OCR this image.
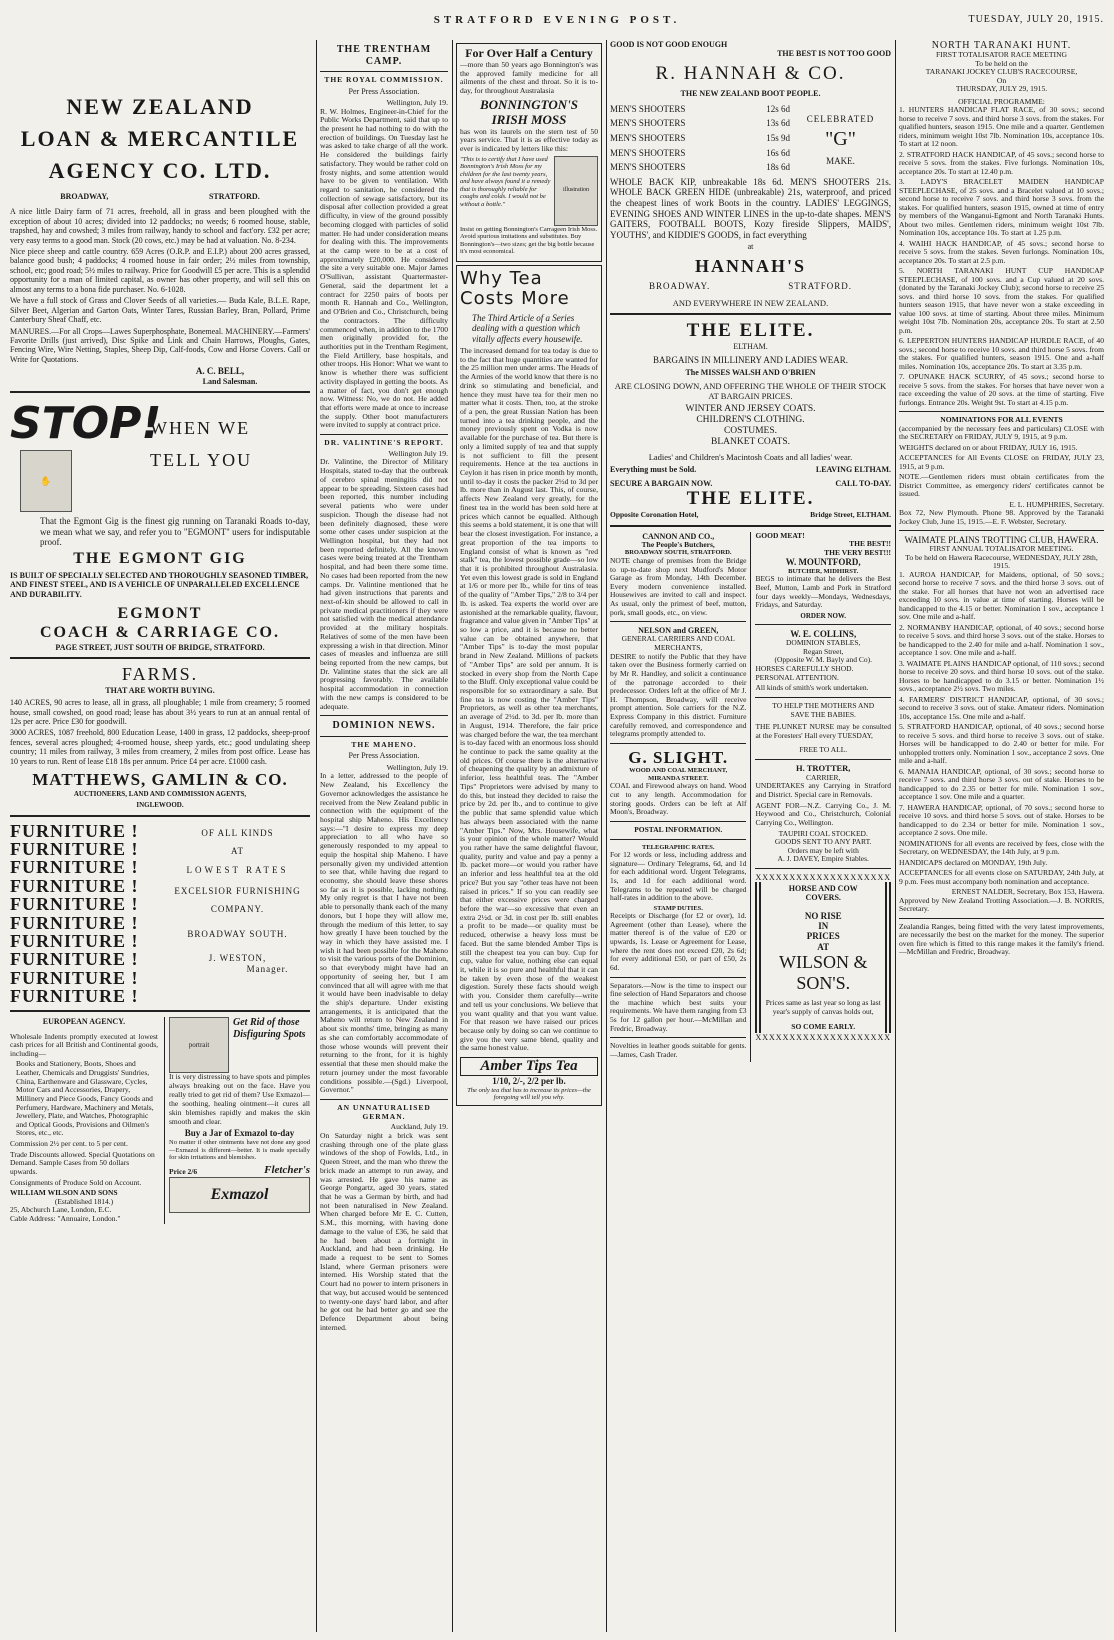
STRATFORD EVENING POST.	TUESDAY, JULY 20, 1915.
NEW ZEALAND
LOAN & MERCANTILE
AGENCY CO. LTD.
BROADWAY,	STRATFORD.

A nice little Dairy farm of 71 acres, freehold, all in grass and been ploughed with the exception of about 10 acres; divided into 12 paddocks; no weeds; 6 roomed house, stable, trapshed, hay and cowshed; 3 miles from railway, handy to school and fact'ory. £32 per acre; very easy terms to a good man. Stock (20 cows, etc.) may be had at valuation. No. 8-234.

Nice piece sheep and cattle country. 659 Acres (O.R.P. and E.I.P.) about 200 acres grassed, balance good bush; 4 paddocks; 4 roomed house in fair order; 2½ miles from township, school, etc; good road; 5½ miles to railway. Price for Goodwill £5 per acre. This is a splendid opportunity for a man of limited capital, as owner has other property, and will sell this on almost any terms to a bona fide purchaser. No. 6-1028.

We have a full stock of Grass and Clover Seeds of all varieties.— Buda Kale, B.L.E. Rape, Silver Beet, Algerian and Garton Oats, Winter Tares, Russian Barley, Bran, Pollard, Prime Canterbury Sheaf Chaff, etc.

MANURES.—For all Crops—Lawes Superphosphate, Bonemeal. MACHINERY.—Farmers' Favorite Drills (just arrived), Disc Spike and Link and Chain Harrows, Ploughs, Gates, Fencing Wire, Wire Netting, Staples, Sheep Dip, Calf-foods, Cow and Horse Covers. Call or Write for Quotations.

A. C. BELL,
Land Salesman.
STOP!
✋
WHEN WE
TELL YOU

That the Egmont Gig is the finest gig running on Taranaki Roads to-day, we mean what we say, and refer you to "EGMONT" users for indisputable proof.

THE EGMONT GIG

IS BUILT OF SPECIALLY SELECTED AND THOROUGHLY SEASONED TIMBER, AND FINEST STEEL, AND IS A VEHICLE OF UNPARALLELED EXCELLENCE AND DURABILITY.

EGMONT
COACH & CARRIAGE CO.
PAGE STREET, JUST SOUTH OF BRIDGE, STRATFORD.
FARMS.
THAT ARE WORTH BUYING.

140 ACRES, 90 acres to lease, all in grass, all ploughable; 1 mile from creamery; 5 roomed house, small cowshed, on good road; lease has about 3½ years to run at an annual rental of 12s per acre. Price £30 for goodwill.

3000 ACRES, 1087 freehold, 800 Education Lease, 1400 in grass, 12 paddocks, sheep-proof fences, several acres ploughed; 4-roomed house, sheep yards, etc.; good undulating sheep country; 11 miles from railway, 3 miles from creamery, 2 miles from post office. Lease has 10 years to run. Rent of lease £18 18s per annum. Price £4 per acre. £1000 cash.

MATTHEWS, GAMLIN & CO.
AUCTIONEERS, LAND AND COMMISSION AGENTS,
INGLEWOOD.
FURNITURE !
FURNITURE !
FURNITURE !
FURNITURE !
FURNITURE !
FURNITURE !
FURNITURE !
FURNITURE !
FURNITURE !
FURNITURE !
OF ALL KINDS
AT
LOWEST RATES
EXCELSIOR FURNISHING
COMPANY.
BROADWAY SOUTH.
J. WESTON,
Manager.
EUROPEAN AGENCY.

Wholesale Indents promptly executed at lowest cash prices for all British and Continental goods, including—

Books and Stationery, Boots, Shoes and Leather, Chemicals and Druggists' Sundries, China, Earthenware and Glassware, Cycles, Motor Cars and Accessories, Drapery, Millinery and Piece Goods, Fancy Goods and Perfumery, Hardware, Machinery and Metals, Jewellery, Plate, and Watches, Photographic and Optical Goods, Provisions and Oilmen's Stores, etc., etc.

Commission 2½ per cent. to 5 per cent.

Trade Discounts allowed. Special Quotations on Demand. Sample Cases from 50 dollars upwards.

Consignments of Produce Sold on Account.

WILLIAM WILSON AND SONS
(Established 1814.)
25, Abchurch Lane, London, E.C.
Cable Address: "Annuaire, London."
portrait
Get Rid of those
Disfiguring Spots

It is very distressing to have spots and pimples always breaking out on the face. Have you really tried to get rid of them? Use Exmazol—the soothing, healing ointment—it cures all skin blemishes rapidly and makes the skin smooth and clear.

Buy a Jar of Exmazol to-day

No matter if other ointments have not done any good—Exmazol is different—better. It is made specially for skin irritations and blemishes.

Price 2/6	Fletcher's
Exmazol
THE TRENTHAM CAMP.
THE ROYAL COMMISSION.
Per Press Association.
Wellington, July 19.

R. W. Holmes, Engineer-in-Chief for the Public Works Department, said that up to the present he had nothing to do with the erection of buildings. On Tuesday last he was asked to take charge of all the work. He considered the buildings fairly satisfactory. They would be rather cold on frosty nights, and some attention would have to be given to ventilation. With regard to sanitation, he considered the collection of sewage satisfactory, but its disposal after collection provided a great difficulty, in view of the ground possibly becoming clogged with particles of solid matter. He had under consideration means for dealing with this. The improvements at the camp were to be at a cost of approximately £20,000. He considered the site a very suitable one. Major James O'Sullivan, assistant Quartermaster-General, said the department let a contract for 2250 pairs of boots per month R. Hannah and Co., Wellington, and O'Brien and Co., Christchurch, being the contractors. The difficulty commenced when, in addition to the 1700 men originally provided for, the authorities put in the Trentham Regiment, the Field Artillery, base hospitals, and other troops. His Honor: What we want to know is whether there was sufficient activity displayed in getting the boots. As a matter of fact, you don't get enough now. Witness: No, we do not. He added that efforts were made at once to increase the supply. Other boot manufacturers were invited to supply at contract price.

DR. VALINTINE'S REPORT.
Wellington July 19.

Dr. Valintine, the Director of Military Hospitals, stated to-day that the outbreak of cerebro spinal meningitis did not appear to be spreading. Sixteen cases had been reported, this number including several patients who were under suspicion. Though the disease had not been definitely diagnosed, these were some other cases under suspicion at the Wellington hospital, but they had not been reported definitely. All the known cases were being treated at the Trentham hospital, and had been there some time. No cases had been reported from the new camps. Dr. Valintine mentioned that he had given instructions that parents and next-of-kin should be allowed to call in private medical practitioners if they were not satisfied with the medical attendance provided at the military hospitals. Relatives of some of the men have been expressing a wish in that direction. Minor cases of measles and influenza are still being reported from the new camps, but Dr. Valintine states that the sick are all progressing favorably. The available hospital accommodation in connection with the new camps is considered to be adequate.

DOMINION NEWS.
THE MAHENO.
Per Press Association.
Wellington, July 19.

In a letter, addressed to the people of New Zealand, his Excellency the Governor acknowledges the assistance he received from the New Zealand public in connection with the equipment of the hospital ship Maheno. His Excellency says:—"I desire to express my deep appreciation to all who have so generously responded to my appeal to equip the hospital ship Maheno. I have personally given my undivided attention to see that, while having due regard to economy, she should leave these shores so far as it is possible, lacking nothing. My only regret is that I have not been able to personally thank each of the many donors, but I hope they will allow me, through the medium of this letter, to say how greatly I have been touched by the way in which they have assisted me. I wish it had been possible for the Maheno to visit the various ports of the Dominion, so that everybody might have had an opportunity of seeing her, but I am convinced that all will agree with me that it would have been inadvisable to delay the ship's departure. Under existing arrangements, it is anticipated that the Maheno will return to New Zealand in about six months' time, bringing as many as she can comfortably accommodate of those whose wounds will prevent their returning to the front, for it is highly essential that these men should make the return journey under the most favorable conditions possible.—(Sgd.) Liverpool, Governor."

AN UNNATURALISED GERMAN.
Auckland, July 19.

On Saturday night a brick was sent crashing through one of the plate glass windows of the shop of Fowlds, Ltd., in Queen Street, and the man who threw the brick made an attempt to run away, and was arrested. He gave his name as George Pongartz, aged 30 years, stated that he was a German by birth, and had not been naturalised in New Zealand. When charged before Mr E. C. Cutten, S.M., this morning, with having done damage to the value of £36, he said that he had been about a fortnight in Auckland, and had been drinking. He made a request to be sent to Somes Island, where German prisoners were interned. His Worship stated that the Court had no power to intern prisoners in that way, but accused would be sentenced to twenty-one days' hard labor, and after he got out he had better go and see the Defence Department about being interned.

For Over Half a Century

—more than 50 years ago Bonnington's was the approved family medicine for all ailments of the chest and throat. So it is to-day, for throughout Australasia

BONNINGTON'S
IRISH MOSS

has won its laurels on the stern test of 50 years service. That it is as effective today as ever is indicated by letters like this:

"This is to certify that I have used Bonnington's Irish Moss for my children for the last twenty years, and have always found it a remedy that is thoroughly reliable for coughs and colds. I would not be without a bottle."

illustration

Insist on getting Bonnington's Carrageen Irish Moss. Avoid spurious imitations and substitutes. Buy Bonnington's—two sizes; get the big bottle because it's most economical.

Why Tea
Costs More

The Third Article of a Series dealing with a question which vitally affects every housewife.

The increased demand for tea today is due to to the fact that huge quantities are wanted for the 25 million men under arms. The Heads of the Armies of the world know that there is no drink so stimulating and beneficial, and hence they must have tea for their men no matter what it costs. Then, too, at the stroke of a pen, the great Russian Nation has been turned into a tea drinking people, and the money previously spent on Vodka is now available for the purchase of tea. But there is only a limited supply of tea and that supply is not sufficient to fill the present requirements. Hence at the tea auctions in Ceylon it has risen in price month by month, until to-day it costs the packer 2½d to 3d per lb. more than in August last. This, of course, affects New Zealand very greatly, for the finest tea in the world has been sold here at prices which cannot be equalled. Although this seems a bold statement, it is one that will bear the closest investigation. For instance, a great proportion of the tea imports to England consist of what is known as "red stalk" tea, the lowest possible grade—so low that it is prohibited throughout Australasia. Yet even this lowest grade is sold in England at 1/6 or more per lb., while for tins of teas of the quality of "Amber Tips," 2/8 to 3/4 per lb. is asked. Tea experts the world over are astonished at the remarkable quality, flavour, fragrance and value given in "Amber Tips" at so low a price, and it is because no better value can be obtained anywhere, that "Amber Tips" is to-day the most popular brand in New Zealand. Millions of packets of "Amber Tips" are sold per annum. It is stocked in every shop from the North Cape to the Bluff. Only exceptional value could be responsible for so extraordinary a sale. But fine tea is now costing the "Amber Tips" Proprietors, as well as other tea merchants, an average of 2½d. to 3d. per lb. more than in August, 1914. Therefore, the fair price was charged before the war, the tea merchant is to-day faced with an enormous loss should he continue to pack the same quality at the old prices. Of course there is the alternative of cheapening the quality by an admixture of inferior, less healthful teas. The "Amber Tips" Proprietors were advised by many to do this, but instead they decided to raise the price by 2d. per lb., and to continue to give the public that same splendid value which has always been associated with the name "Amber Tips." Now, Mrs. Housewife, what is your opinion of the whole matter? Would you rather have the same delightful flavour, quality, purity and value and pay a penny a lb. packet more—or would you rather have an inferior and less healthful tea at the old price? But you say "other teas have not been raised in prices." If so you can readily see that either excessive prices were charged before the war—so excessive that even an extra 2½d. or 3d. in cost per lb. still enables a profit to be made—or quality must be reduced, otherwise a heavy loss must be faced. But the same blended Amber Tips is still the cheapest tea you can buy. Cup for cup, value for value, nothing else can equal it, while it is so pure and healthful that it can be taken by even those of the weakest digestion. Surely these facts should weigh with you. Consider them carefully—write and tell us your conclusions. We believe that you want quality and that you want value. For that reason we have raised our prices because only by doing so can we continue to give you the very same blend, quality and the same honest value.

Amber Tips Tea
1/10, 2/-, 2/2 per lb.
The only tea that has to increase its prices—the foregoing will tell you why.
GOOD IS NOT GOOD ENOUGH
THE BEST IS NOT TOO GOOD
R. HANNAH & CO.
THE NEW ZEALAND BOOT PEOPLE.
MEN'S SHOOTERS	12s 6d
MEN'S SHOOTERS	13s 6d
MEN'S SHOOTERS	15s 9d
MEN'S SHOOTERS	16s 6d
MEN'S SHOOTERS	18s 6d
CELEBRATED
"G"
MAKE.

WHOLE BACK KIP, unbreakable 18s 6d. MEN'S SHOOTERS 21s. WHOLE BACK GREEN HIDE (unbreakable) 21s, waterproof, and priced the cheapest lines of work Boots in the country. LADIES' LEGGINGS, EVENING SHOES AND WINTER LINES in the up-to-date shapes. MEN'S GAITERS, FOOTBALL BOOTS, Kozy fireside Slippers, MAIDS', YOUTHS', and KIDDIE'S GOODS, in fact everything

at
HANNAH'S
BROADWAY.	STRATFORD.
AND EVERYWHERE IN NEW ZEALAND.
THE ELITE.
ELTHAM.
BARGAINS IN MILLINERY AND LADIES WEAR.
The MISSES WALSH AND O'BRIEN

ARE CLOSING DOWN, AND OFFERING THE WHOLE OF THEIR STOCK AT BARGAIN PRICES.

WINTER AND JERSEY COATS.
CHILDREN'S CLOTHING.
COSTUMES.
BLANKET COATS.

Ladies' and Children's Macintosh Coats and all ladies' wear.

Everything must be Sold.	LEAVING ELTHAM.
SECURE A BARGAIN NOW.	CALL TO-DAY.
THE ELITE.
Opposite Coronation Hotel,	Bridge Street, ELTHAM.
CANNON AND CO.,
The People's Butchers,
BROADWAY SOUTH, STRATFORD.

NOTE change of premises from the Bridge to up-to-date shop next Mudford's Motor Garage as from Monday, 14th December. Every modern convenience installed. Housewives are invited to call and inspect. As usual, only the primest of beef, mutton, pork, small goods, etc., on view.

NELSON and GREEN,
GENERAL CARRIERS AND COAL MERCHANTS,

DESIRE to notify the Public that they have taken over the Business formerly carried on by Mr R. Handley, and solicit a continuance of the patronage accorded to their predecessor. Orders left at the office of Mr J. H. Thompson, Broadway, will receive prompt attention. Sole carriers for the N.Z. Express Company in this district. Furniture carefully removed, and correspondence and telegrams promptly attended to.

G. SLIGHT.
WOOD AND COAL MERCHANT,
MIRANDA STREET.

COAL and Firewood always on hand. Wood cut to any length. Accommodation for storing goods. Orders can be left at Alf Moon's, Broadway.

POSTAL INFORMATION.
TELEGRAPHIC RATES.

For 12 words or less, including address and signature— Ordinary Telegrams, 6d, and 1d for each additional word. Urgent Telegrams, 1s, and 1d for each additional word. Telegrams to be repeated will be charged half-rates in addition to the above.

STAMP DUTIES.

Receipts or Discharge (for £2 or over), 1d. Agreement (other than Lease), where the matter thereof is of the value of £20 or upwards, 1s. Lease or Agreement for Lease, where the rent does not exceed £20, 2s 6d; for every additional £50, or part of £50, 2s 6d.

Separators.—Now is the time to inspect our fine selection of Hand Separators and choose the machine which best suits your requirements. We have them ranging from £3 5s for 12 gallon per hour.—McMillan and Fredric, Broadway.

Novelties in leather goods suitable for gents.—James, Cash Trader.

GOOD MEAT!
THE BEST!!
THE VERY BEST!!!
W. MOUNTFORD,
BUTCHER, MIDHIRST.

BEGS to intimate that he delivers the Best Beef, Mutton, Lamb and Pork in Stratford four days weekly—Mondays, Wednesdays, Fridays, and Saturday.

ORDER NOW.
W. E. COLLINS,
DOMINION STABLES,
Regan Street,
(Opposite W. M. Bayly and Co).

HORSES CAREFULLY SHOD. PERSONAL ATTENTION.

All kinds of smith's work undertaken.
TO HELP THE MOTHERS AND
SAVE THE BABIES.

THE PLUNKET NURSE may be consulted at the Foresters' Hall every TUESDAY,

FREE TO ALL.
H. TROTTER,
CARRIER,

UNDERTAKES any Carrying in Stratford and District. Special care in Removals.

AGENT FOR—N.Z. Carrying Co., J. M. Heywood and Co., Christchurch, Colonial Carrying Co., Wellington.

TAUPIRI COAL STOCKED.
GOODS SENT TO ANY PART.
Orders may be left with
A. J. DAVEY, Empire Stables.
XXXXXXXXXXXXXXXXXXXX
HORSE AND COW
COVERS.
NO RISE
IN
PRICES
AT
WILSON &
SON'S.

Prices same as last year so long as last year's supply of canvas holds out,

SO COME EARLY.
XXXXXXXXXXXXXXXXXXXX
NORTH TARANAKI HUNT.
FIRST TOTALISATOR RACE MEETING
To be held on the
TARANAKI JOCKEY CLUB'S RACECOURSE,
On
THURSDAY, JULY 29, 1915.
OFFICIAL PROGRAMME:

1. HUNTERS HANDICAP FLAT RACE, of 30 sovs.; second horse to receive 7 sovs. and third horse 3 sovs. from the stakes. For qualified hunters, season 1915. One mile and a quarter. Gentlemen riders, minimum weight 10st 7lb. Nomination 10s, acceptance 10s. To start at 12 noon.

2. STRATFORD HACK HANDICAP, of 45 sovs.; second horse to receive 5 sovs. from the stakes. Five furlongs. Nomination 10s, acceptance 20s. To start at 12.40 p.m.

3. LADY'S BRACELET MAIDEN HANDICAP STEEPLECHASE, of 25 sovs. and a Bracelet valued at 10 sovs.; second horse to receive 7 sovs. and third horse 3 sovs. from the stakes. For qualified hunters, season 1915, owned at time of entry by members of the Wanganui-Egmont and North Taranaki Hunts. About two miles. Gentlemen riders, minimum weight 10st 7lb. Nomination 10s, acceptance 10s. To start at 1.25 p.m.

4. WAIHI HACK HANDICAP, of 45 sovs.; second horse to receive 5 sovs. from the stakes. Seven furlongs. Nomination 10s, acceptance 20s. To start at 2.5 p.m.

5. NORTH TARANAKI HUNT CUP HANDICAP STEEPLECHASE, of 100 sovs. and a Cup valued at 20 sovs. (donated by the Taranaki Jockey Club); second horse to receive 25 sovs. and third horse 10 sovs. from the stakes. For qualified hunters season 1915, that have never won a stake exceeding in value 100 sovs. at time of starting. About three miles. Minimum weight 10st 7lb. Nomination 20s, acceptance 20s. To start at 2.50 p.m.

6. LEPPERTON HUNTERS HANDICAP HURDLE RACE, of 40 sovs.; second horse to receive 10 sovs. and third horse 5 sovs. from the stakes. For qualified hunters, season 1915. One and a-half miles. Nomination 10s, acceptance 20s. To start at 3.35 p.m.

7. OPUNAKE HACK SCURRY, of 45 sovs.; second horse to receive 5 sovs. from the stakes. For horses that have never won a race exceeding the value of 20 sovs. at the time of starting. Five furlongs. Entrance 20s. Weight 9st. To start at 4.15 p.m.

NOMINATIONS FOR ALL EVENTS

(accompanied by the necessary fees and particulars) CLOSE with the SECRETARY on FRIDAY, JULY 9, 1915, at 9 p.m.

WEIGHTS declared on or about FRIDAY, JULY 16, 1915.

ACCEPTANCES for All Events CLOSE on FRIDAY, JULY 23, 1915, at 9 p.m.

NOTE.—Gentlemen riders must obtain certificates from the District Committee, as emergency riders' certificates cannot be issued.

E. L. HUMPHRIES, Secretary.

Box 72, New Plymouth. Phone 98. Approved by the Taranaki Jockey Club, June 15, 1915.—E. F. Webster, Secretary.

WAIMATE PLAINS TROTTING CLUB, HAWERA.
FIRST ANNUAL TOTALISATOR MEETING.
To be held on Hawera Racecourse, WEDNESDAY, JULY 28th, 1915.

1. AUROA HANDICAP, for Maidens, optional, of 50 sovs.; second horse to receive 7 sovs. and the third horse 3 sovs. out of the stake. For all horses that have not won an advertised race exceeding 10 sovs. in value at time of starting. Horses will be handicapped to the 4.15 or better. Nomination 1 sov., acceptance 1 sov. One mile and a-half.

2. NORMANBY HANDICAP, optional, of 40 sovs.; second horse to receive 5 sovs. and third horse 3 sovs. out of the stake. Horses to be handicapped to the 2.40 for mile and a-half. Nomination 1 sov., acceptance 1 sov. One mile and a-half.

3. WAIMATE PLAINS HANDICAP optional, of 110 sovs.; second horse to receive 20 sovs. and third horse 10 sovs. out of the stake. Horses to be handicapped to do 3.15 or better. Nomination 1½ sovs., acceptance 2½ sovs. Two miles.

4. FARMERS' DISTRICT HANDICAP, optional, of 30 sovs.; second to receive 3 sovs. out of stake. Amateur riders. Nomination 10s, acceptance 15s. One mile and a-half.

5. STRATFORD HANDICAP, optional, of 40 sovs.; second horse to receive 5 sovs. and third horse to receive 3 sovs. out of stake. Horses will be handicapped to do 2.40 or better for mile. For unhoppled trotters only. Nomination 1 sov., acceptance 2 sovs. One mile and a-half.

6. MANAIA HANDICAP, optional, of 30 sovs.; second horse to receive 7 sovs. and third horse 3 sovs. out of stake. Horses to be handicapped to do 2.35 or better for mile. Nomination 1 sov., acceptance 1 sov. One mile and a quarter.

7. HAWERA HANDICAP, optional, of 70 sovs.; second horse to receive 10 sovs. and third horse 5 sovs. out of stake. Horses to be handicapped to do 2.34 or better for mile. Nomination 1 sov., acceptance 2 sovs. One mile.

NOMINATIONS for all events are received by fees, close with the Secretary, on WEDNESDAY, the 14th July, at 9 p.m.

HANDICAPS declared on MONDAY, 19th July.

ACCEPTANCES for all events close on SATURDAY, 24th July, at 9 p.m. Fees must accompany both nomination and acceptance.

ERNEST NALDER, Secretary, Box 153, Hawera.

Approved by New Zealand Trotting Association.—J. B. NORRIS, Secretary.

Zealandia Ranges, being fitted with the very latest improvements, are necessarily the best on the market for the money. The superior oven fire which is fitted to this range makes it the family's friend.—McMillan and Fredric, Broadway.
